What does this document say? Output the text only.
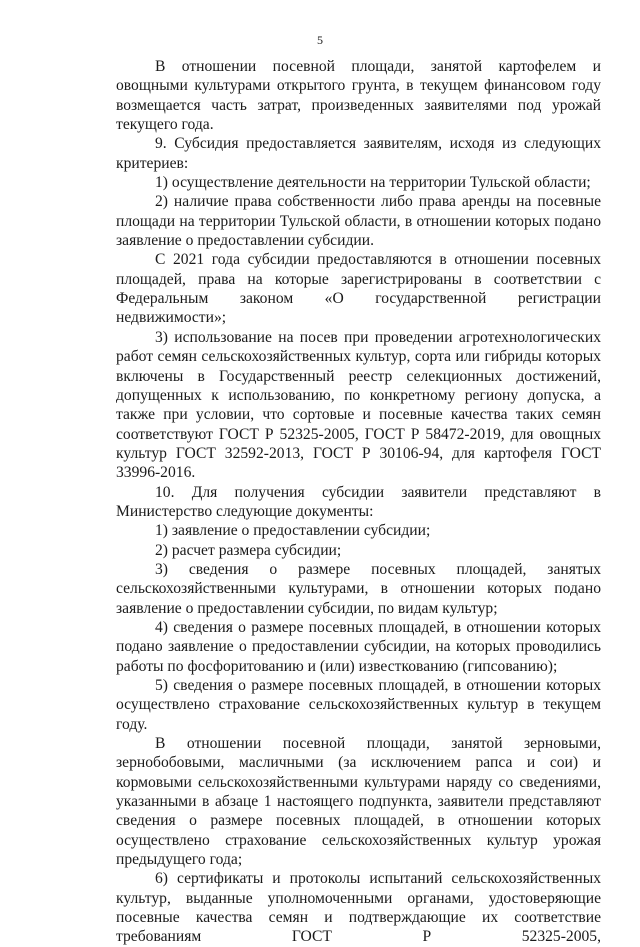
5

В отношении посевной площади, занятой картофелем и овощными культурами открытого грунта, в текущем финансовом году возмещается часть затрат, произведенных заявителями под урожай текущего года.

9. Субсидия предоставляется заявителям, исходя из следующих критериев:

1) осуществление деятельности на территории Тульской области;

2) наличие права собственности либо права аренды на посевные площади на территории Тульской области, в отношении которых подано заявление о предоставлении субсидии.

С 2021 года субсидии предоставляются в отношении посевных площадей, права на которые зарегистрированы в соответствии с Федеральным законом «О государственной регистрации недвижимости»;

3) использование на посев при проведении агротехнологических работ семян сельскохозяйственных культур, сорта или гибриды которых включены в Государственный реестр селекционных достижений, допущенных к использованию, по конкретному региону допуска, а также при условии, что сортовые и посевные качества таких семян соответствуют ГОСТ Р 52325-2005, ГОСТ Р 58472-2019, для овощных культур ГОСТ 32592-2013, ГОСТ Р 30106-94, для картофеля ГОСТ 33996-2016.

10. Для получения субсидии заявители представляют в Министерство следующие документы:

1) заявление о предоставлении субсидии;

2) расчет размера субсидии;

3) сведения о размере посевных площадей, занятых сельскохозяйственными культурами, в отношении которых подано заявление о предоставлении субсидии, по видам культур;

4) сведения о размере посевных площадей, в отношении которых подано заявление о предоставлении субсидии, на которых проводились работы по фосфоритованию и (или) известкованию (гипсованию);

5) сведения о размере посевных площадей, в отношении которых осуществлено страхование сельскохозяйственных культур в текущем году.

В отношении посевной площади, занятой зерновыми, зернобобовыми, масличными (за исключением рапса и сои) и кормовыми сельскохозяйственными культурами наряду со сведениями, указанными в абзаце 1 настоящего подпункта, заявители представляют сведения о размере посевных площадей, в отношении которых осуществлено страхование сельскохозяйственных культур урожая предыдущего года;

6) сертификаты и протоколы испытаний сельскохозяйственных культур, выданные уполномоченными органами, удостоверяющие посевные качества семян и подтверждающие их соответствие требованиям ГОСТ Р 52325-2005,
